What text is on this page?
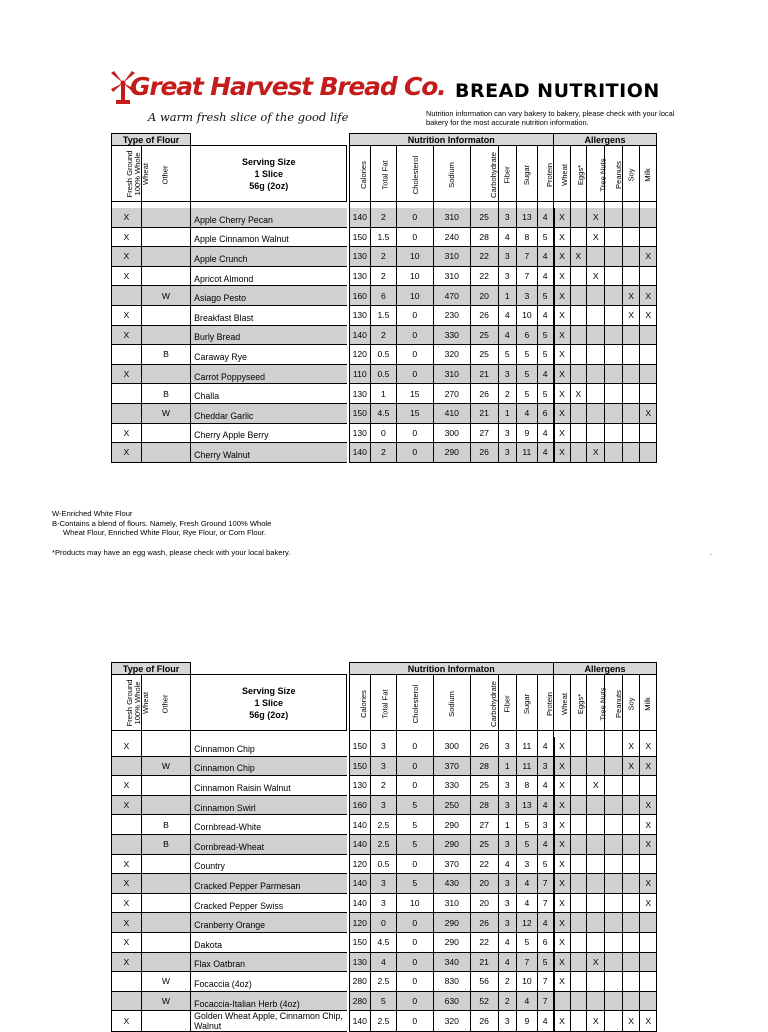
Great Harvest Bread Co.
A warm fresh slice of the good life
BREAD NUTRITION
Nutrition information can vary bakery to bakery, please check with your local bakery for the most accurate nutrition information.
Type of Flour				Nutrition Informaton								Allergens					
Fresh Ground 100% Whole Wheat	Other	Serving Size
1 Slice
56g (2oz)		Calories	Total Fat	Cholesterol	Sodium	Carbohydrate	Fiber	Sugar	Protein	Wheat	Eggs*	Tree Nuts	Peanuts	Soy	Milk

X		Apple Cherry Pecan		140	2	0	310	25	3	13	4	X		X			
X		Apple Cinnamon Walnut		150	1.5	0	240	28	4	8	5	X		X			
X		Apple Crunch		130	2	10	310	22	3	7	4	X	X				X
X		Apricot Almond		130	2	10	310	22	3	7	4	X		X			
	W	Asiago Pesto		160	6	10	470	20	1	3	5	X				X	X
X		Breakfast Blast		130	1.5	0	230	26	4	10	4	X				X	X
X		Burly Bread		140	2	0	330	25	4	6	5	X					
	B	Caraway Rye		120	0.5	0	320	25	5	5	5	X					
X		Carrot Poppyseed		110	0.5	0	310	21	3	5	4	X					
	B	Challa		130	1	15	270	26	2	5	5	X	X				
	W	Cheddar Garlic		150	4.5	15	410	21	1	4	6	X					X
X		Cherry Apple Berry		130	0	0	300	27	3	9	4	X					
X		Cherry Walnut		140	2	0	290	26	3	11	4	X		X			
W-Enriched White Flour
B-Contains a blend of flours. Namely, Fresh Ground 100% Whole
Wheat Flour, Enriched White Flour, Rye Flour, or Corn Flour.
*Products may have an egg wash, please check with your local bakery.	.
Type of Flour				Nutrition Informaton								Allergens					
Fresh Ground 100% Whole Wheat	Other	Serving Size
1 Slice
56g (2oz)		Calories	Total Fat	Cholesterol	Sodium	Carbohydrate	Fiber	Sugar	Protein	Wheat	Eggs*	Tree Nuts	Peanuts	Soy	Milk

X		Cinnamon Chip		150	3	0	300	26	3	11	4	X				X	X
	W	Cinnamon Chip		150	3	0	370	28	1	11	3	X				X	X
X		Cinnamon Raisin Walnut		130	2	0	330	25	3	8	4	X		X			
X		Cinnamon Swirl		160	3	5	250	28	3	13	4	X					X
	B	Cornbread-White		140	2.5	5	290	27	1	5	3	X					X
	B	Cornbread-Wheat		140	2.5	5	290	25	3	5	4	X					X
X		Country		120	0.5	0	370	22	4	3	5	X					
X		Cracked Pepper Parmesan		140	3	5	430	20	3	4	7	X					X
X		Cracked Pepper Swiss		140	3	10	310	20	3	4	7	X					X
X		Cranberry Orange		120	0	0	290	26	3	12	4	X					
X		Dakota		150	4.5	0	290	22	4	5	6	X					
X		Flax Oatbran		130	4	0	340	21	4	7	5	X		X			
	W	Focaccia (4oz)		280	2.5	0	830	56	2	10	7	X					
	W	Focaccia-Italian Herb (4oz)		280	5	0	630	52	2	4	7						
X		Golden Wheat Apple, Cinnamon Chip, Walnut		140	2.5	0	320	26	3	9	4	X		X		X	X
